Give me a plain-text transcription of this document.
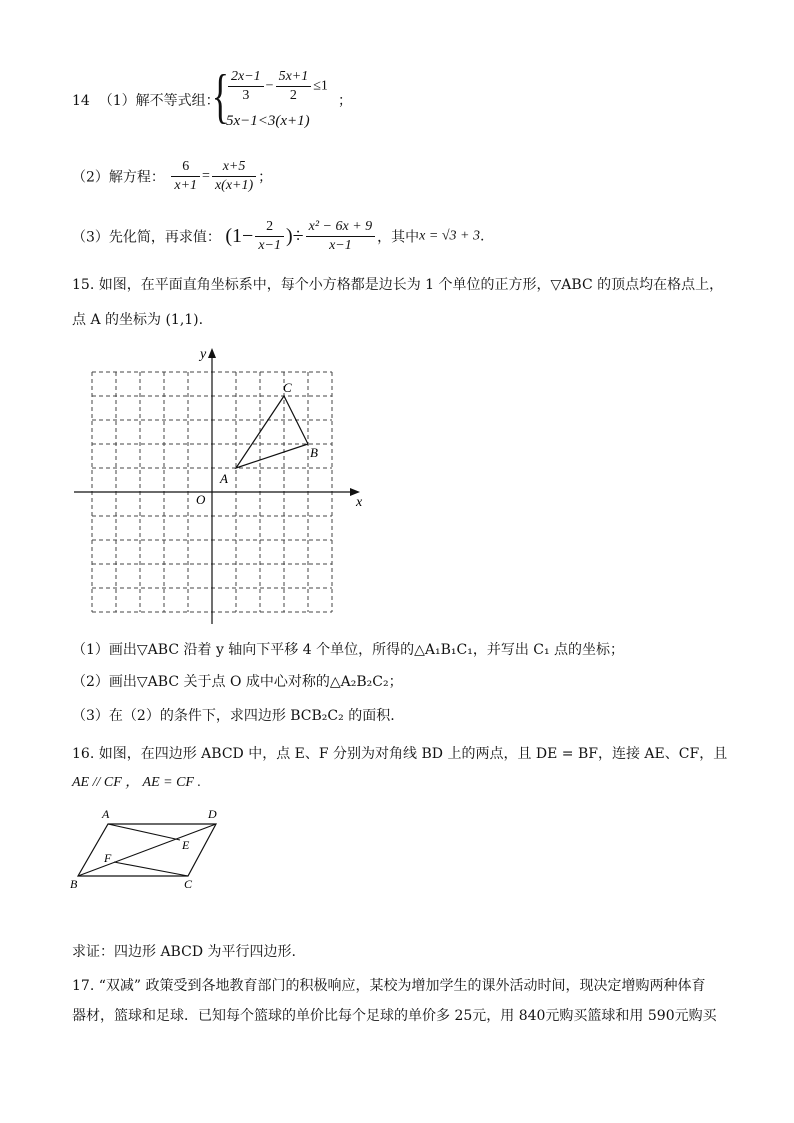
14 （1）解不等式组：
{
$\frac{2x-1}{3} - \frac{5x+1}{2} \le 1$
5x−1<3(x+1)
；
（2）解方程： $\frac{6}{x+1} = \frac{x+5}{x(x+1)}$ ；
（3）先化简，再求值： ($1- \frac{2}{x-1}$ )÷ $\frac{\text{x² − 6x + 9}}{x-1}$ ，其中x = √3 + 3.
15. 如图，在平面直角坐标系中，每个小方格都是边长为 1 个单位的正方形，▽ABC 的顶点均在格点上，
点 A 的坐标为 (1,1).
x
y
O
A
B
C
（1）画出▽ABC 沿着 y 轴向下平移 4 个单位，所得的△A₁B₁C₁，并写出 C₁ 点的坐标；
（2）画出▽ABC 关于点 O 成中心对称的△A₂B₂C₂；
（3）在（2）的条件下，求四边形 BCB₂C₂ 的面积.
16. 如图，在四边形 ABCD 中，点 E、F 分别为对角线 BD 上的两点，且 DE = BF，连接 AE、CF，且
AE // CF ， AE = CF .
A	D
E
F
B	C
求证：四边形 ABCD 为平行四边形.
17. “双减” 政策受到各地教育部门的积极响应，某校为增加学生的课外活动时间，现决定增购两种体育
器材，篮球和足球．已知每个篮球的单价比每个足球的单价多 25元，用 840元购买篮球和用 590元购买
